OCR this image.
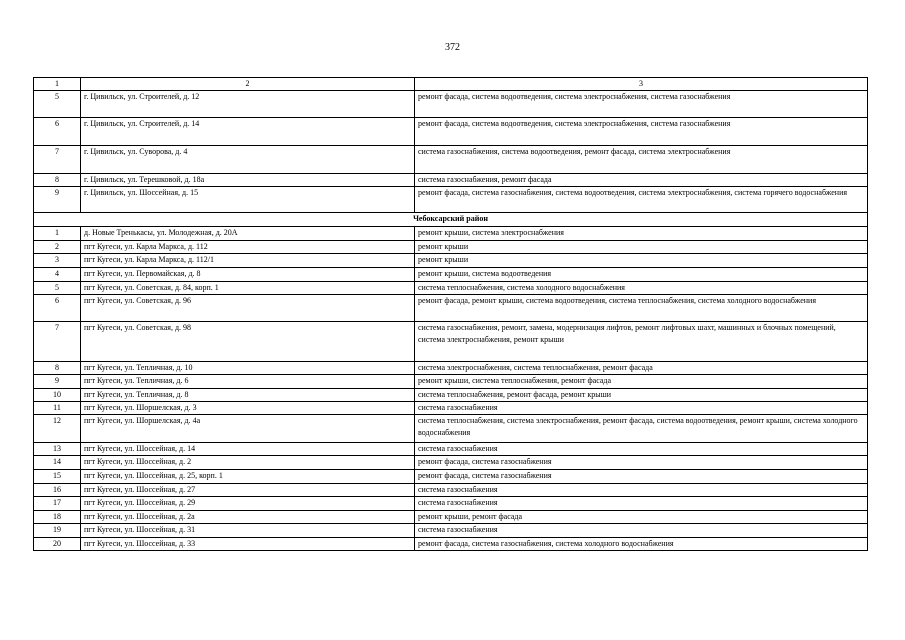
372
1	2	3
5	г. Цивильск, ул. Строителей, д. 12	ремонт фасада, система водоотведения, система электроснабжения, система газоснабжения
6	г. Цивильск, ул. Строителей, д. 14	ремонт фасада, система водоотведения, система электроснабжения, система газоснабжения
7	г. Цивильск, ул. Суворова, д. 4	система газоснабжения, система водоотведения, ремонт фасада, система электроснабжения
8	г. Цивильск, ул. Терешковой, д. 18а	система газоснабжения, ремонт фасада
9	г. Цивильск, ул. Шоссейная, д. 15	ремонт фасада, система газоснабжения, система водоотведения, система электроснабжения, система горячего водоснабжения
Чебоксарский район		
1	д. Новые Тренькасы, ул. Молодежная, д. 20А	ремонт крыши, система электроснабжения
2	пгт Кугеси, ул. Карла Маркса, д. 112	ремонт крыши
3	пгт Кугеси, ул. Карла Маркса, д. 112/1	ремонт крыши
4	пгт Кугеси, ул. Первомайская, д. 8	ремонт крыши, система водоотведения
5	пгт Кугеси, ул. Советская, д. 84, корп. 1	система теплоснабжения, система холодного водоснабжения
6	пгт Кугеси, ул. Советская, д. 96	ремонт фасада, ремонт крыши, система водоотведения, система теплоснабжения, система холодного водоснабжения
7	пгт Кугеси, ул. Советская, д. 98	система газоснабжения, ремонт, замена, модернизация лифтов, ремонт лифтовых шахт, машинных и блочных помещений, система электроснабжения, ремонт крыши
8	пгт Кугеси, ул. Тепличная, д. 10	система электроснабжения, система теплоснабжения, ремонт фасада
9	пгт Кугеси, ул. Тепличная, д. 6	ремонт крыши, система теплоснабжения, ремонт фасада
10	пгт Кугеси, ул. Тепличная, д. 8	система теплоснабжения, ремонт фасада, ремонт крыши
11	пгт Кугеси, ул. Шоршелская, д. 3	система газоснабжения
12	пгт Кугеси, ул. Шоршелская, д. 4а	система теплоснабжения, система электроснабжения, ремонт фасада, система водоотведения, ремонт крыши, система холодного водоснабжения
13	пгт Кугеси, ул. Шоссейная, д. 14	система газоснабжения
14	пгт Кугеси, ул. Шоссейная, д. 2	ремонт фасада, система газоснабжения
15	пгт Кугеси, ул. Шоссейная, д. 25, корп. 1	ремонт фасада, система газоснабжения
16	пгт Кугеси, ул. Шоссейная, д. 27	система газоснабжения
17	пгт Кугеси, ул. Шоссейная, д. 29	система газоснабжения
18	пгт Кугеси, ул. Шоссейная, д. 2а	ремонт крыши, ремонт фасада
19	пгт Кугеси, ул. Шоссейная, д. 31	система газоснабжения
20	пгт Кугеси, ул. Шоссейная, д. 33	ремонт фасада, система газоснабжения, система холодного водоснабжения
